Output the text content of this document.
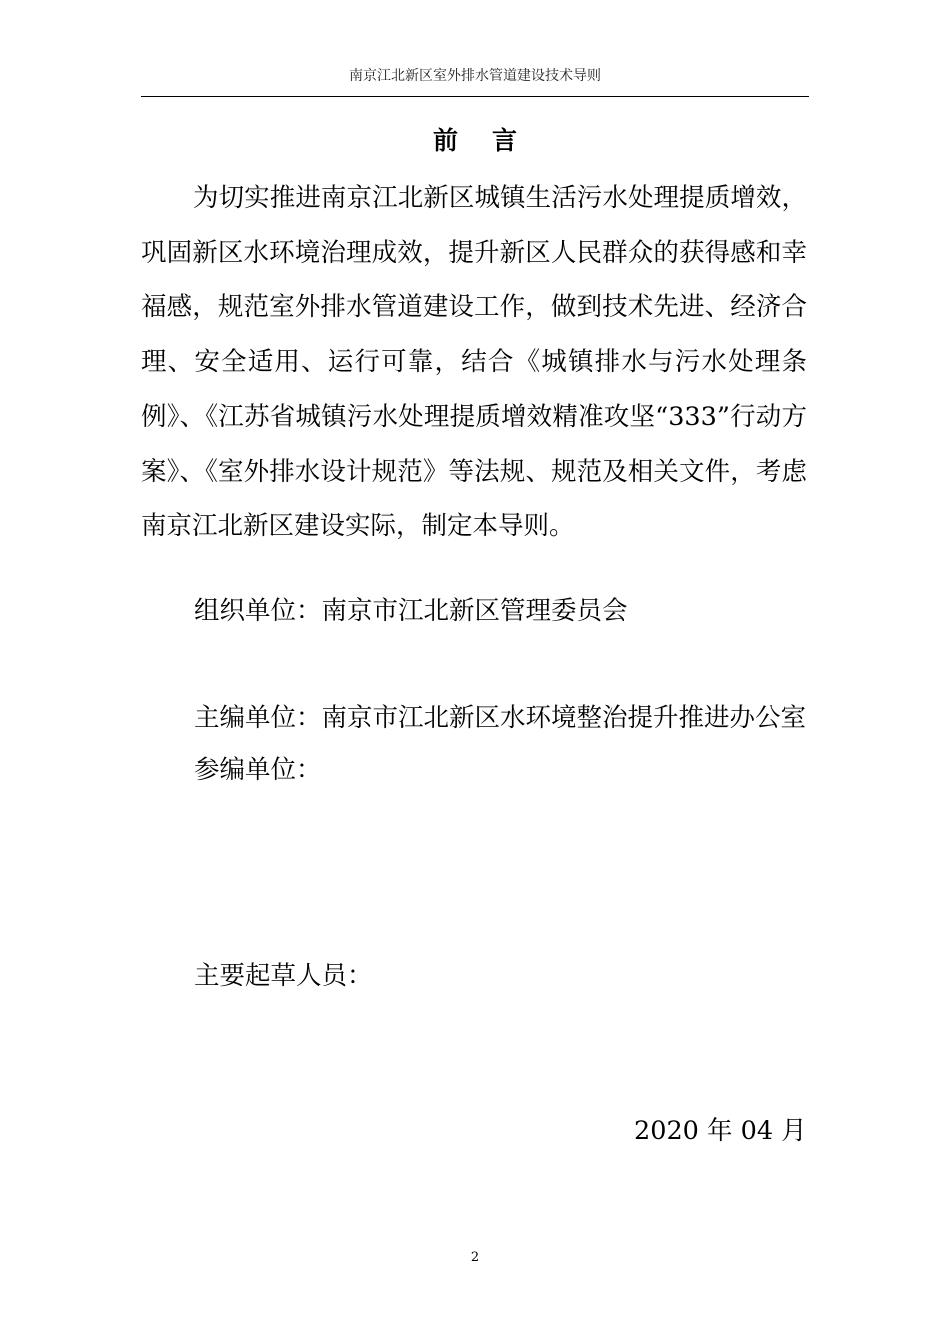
南京江北新区室外排水管道建设技术导则
前言

为切实推进南京江北新区城镇生活污水处理提质增效，巩固新区水环境治理成效，提升新区人民群众的获得感和幸福感，规范室外排水管道建设工作，做到技术先进、经济合理、安全适用、运行可靠，结合《城镇排水与污水处理条例》、《江苏省城镇污水处理提质增效精准攻坚“333”行动方案》、《室外排水设计规范》等法规、规范及相关文件，考虑南京江北新区建设实际，制定本导则。

组织单位：南京市江北新区管理委员会
主编单位：南京市江北新区水环境整治提升推进办公室
参编单位：
主要起草人员：
2020 年 04 月
2
